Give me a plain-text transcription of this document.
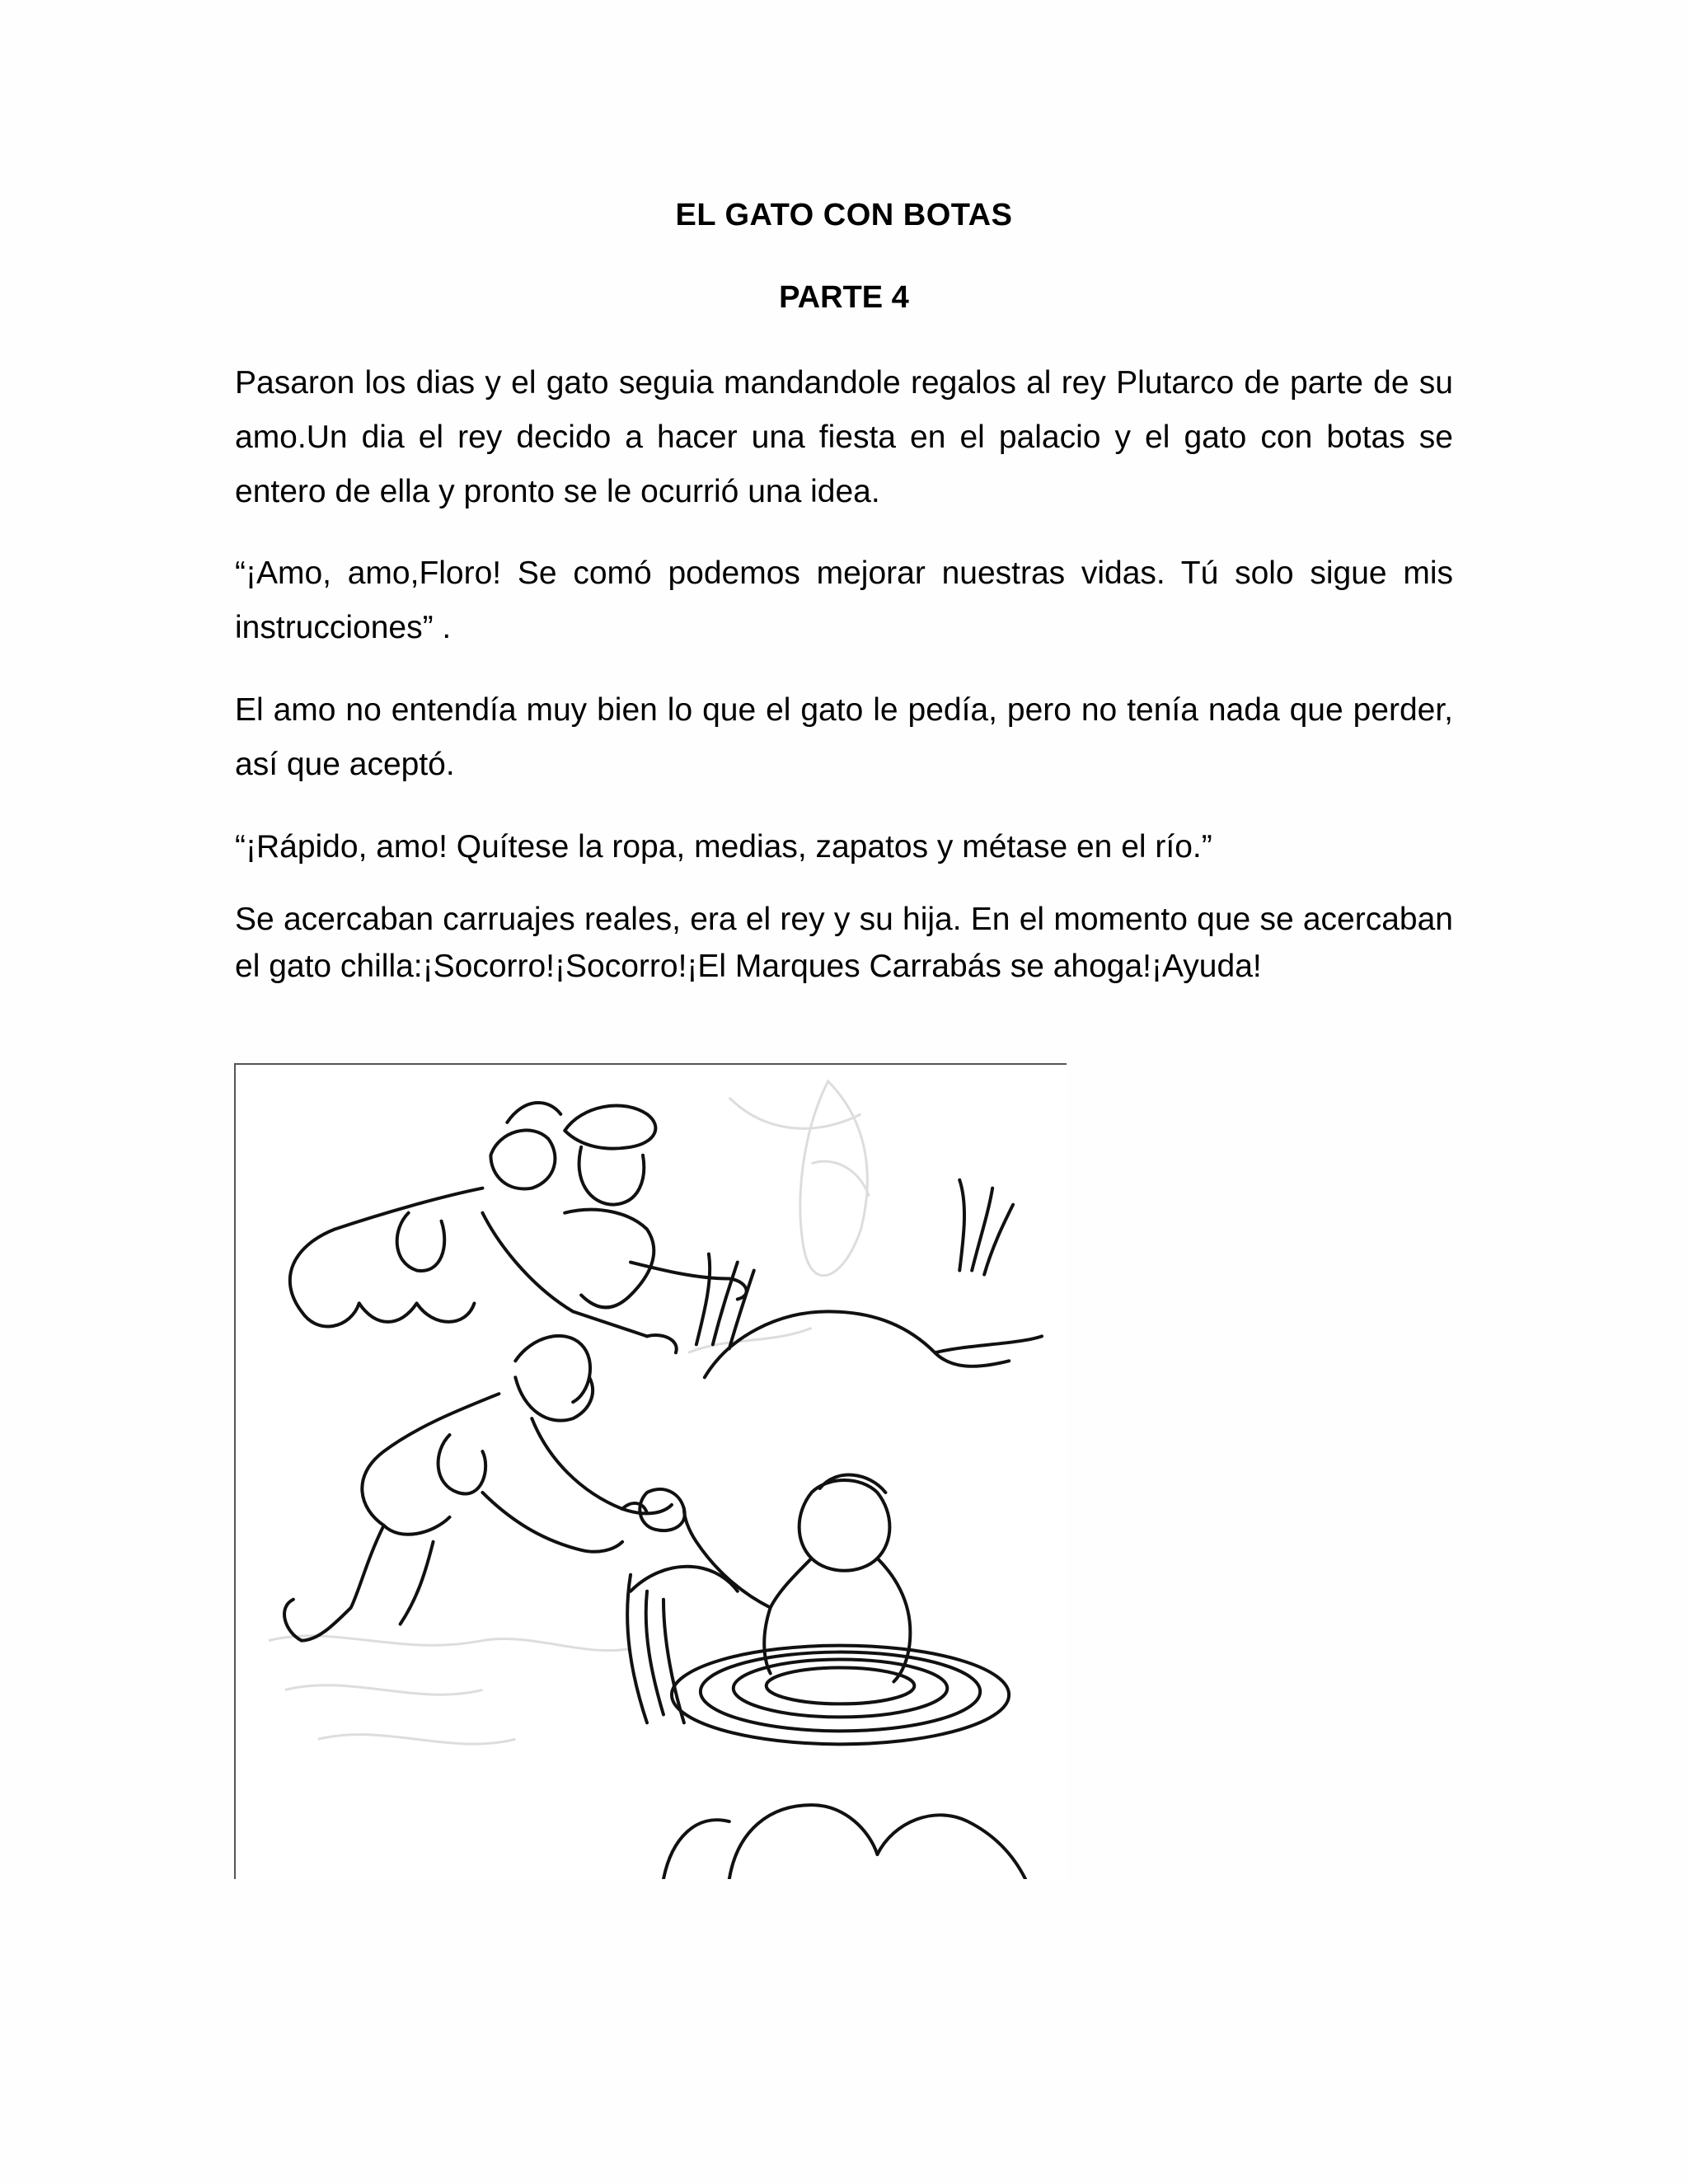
EL GATO CON BOTAS
PARTE 4

Pasaron los dias y el gato seguia mandandole regalos al rey Plutarco de parte de su amo.Un dia el rey decido a hacer una fiesta en el palacio y el gato con botas se entero de ella y pronto se le ocurrió una idea.

“¡Amo, amo,Floro! Se comó podemos mejorar nuestras vidas. Tú solo sigue mis instrucciones” .

El amo no entendía muy bien lo que el gato le pedía, pero no tenía nada que perder, así que aceptó.

“¡Rápido, amo! Quítese la ropa, medias, zapatos y métase en el río.”

Se acercaban carruajes reales, era el rey y su hija. En el momento que se acercaban el gato chilla:¡Socorro!¡Socorro!¡El Marques Carrabás se ahoga!¡Ayuda!
